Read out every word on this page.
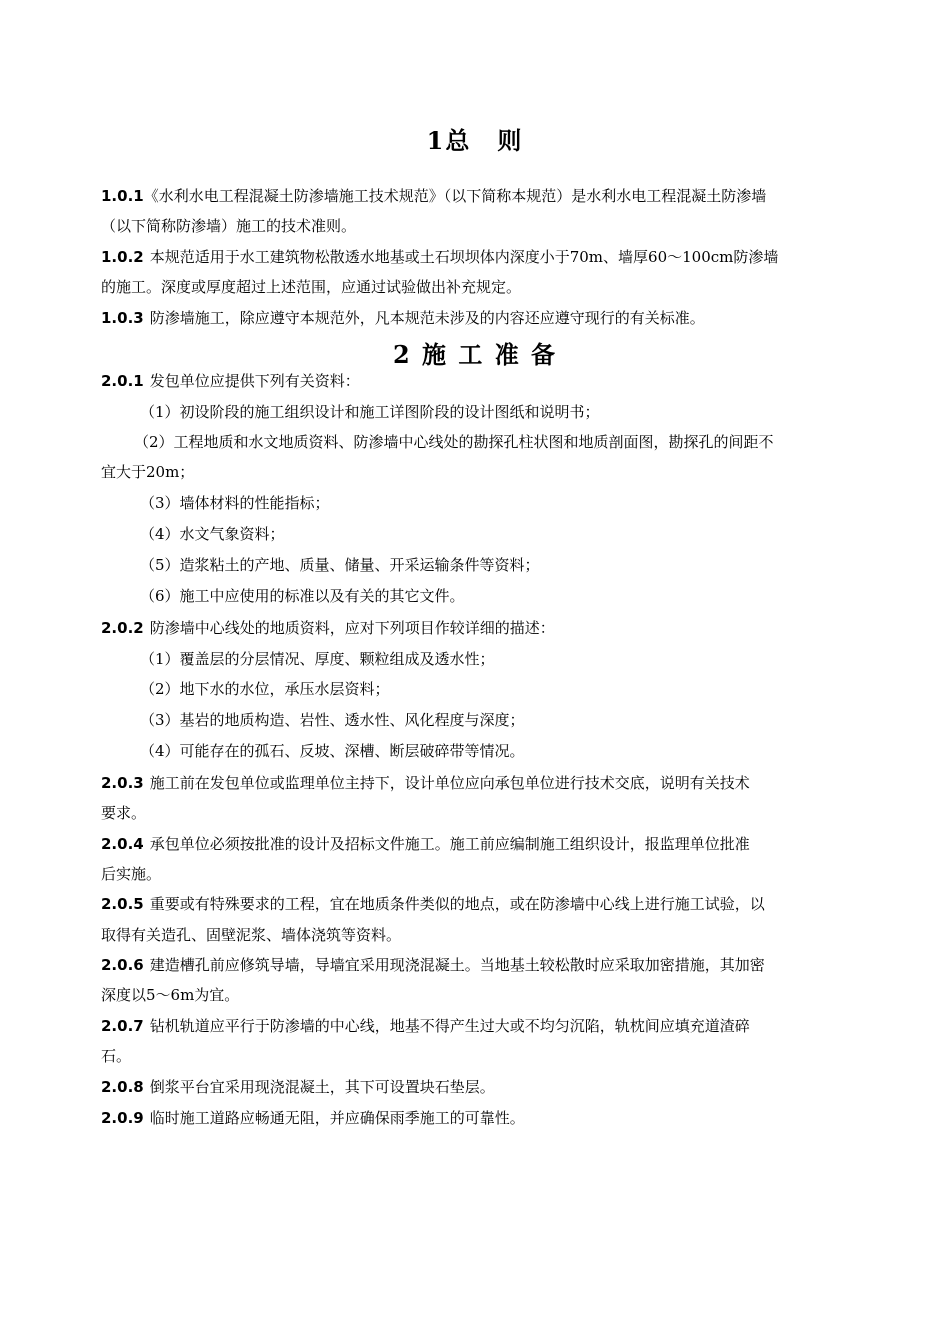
1总　则
1.0.1《水利水电工程混凝土防渗墙施工技术规范》（以下简称本规范）是水利水电工程混凝土防渗墙
（以下简称防渗墙）施工的技术准则。
1.0.2 本规范适用于水工建筑物松散透水地基或土石坝坝体内深度小于70m、墙厚60～100cm防渗墙
的施工。深度或厚度超过上述范围，应通过试验做出补充规定。
1.0.3 防渗墙施工，除应遵守本规范外，凡本规范未涉及的内容还应遵守现行的有关标准。
2 施 工 准 备
2.0.1 发包单位应提供下列有关资料：
（1）初设阶段的施工组织设计和施工详图阶段的设计图纸和说明书；
（2）工程地质和水文地质资料、防渗墙中心线处的勘探孔柱状图和地质剖面图，勘探孔的间距不
宜大于20m；
（3）墙体材料的性能指标；
（4）水文气象资料；
（5）造浆粘土的产地、质量、储量、开采运输条件等资料；
（6）施工中应使用的标准以及有关的其它文件。
2.0.2 防渗墙中心线处的地质资料，应对下列项目作较详细的描述：
（1）覆盖层的分层情况、厚度、颗粒组成及透水性；
（2）地下水的水位，承压水层资料；
（3）基岩的地质构造、岩性、透水性、风化程度与深度；
（4）可能存在的孤石、反坡、深槽、断层破碎带等情况。
2.0.3 施工前在发包单位或监理单位主持下，设计单位应向承包单位进行技术交底，说明有关技术
要求。
2.0.4 承包单位必须按批准的设计及招标文件施工。施工前应编制施工组织设计，报监理单位批准
后实施。
2.0.5 重要或有特殊要求的工程，宜在地质条件类似的地点，或在防渗墙中心线上进行施工试验，以
取得有关造孔、固壁泥浆、墙体浇筑等资料。
2.0.6 建造槽孔前应修筑导墙，导墙宜采用现浇混凝土。当地基土较松散时应采取加密措施，其加密
深度以5～6m为宜。
2.0.7 钻机轨道应平行于防渗墙的中心线，地基不得产生过大或不均匀沉陷，轨枕间应填充道渣碎
石。
2.0.8 倒浆平台宜采用现浇混凝土，其下可设置块石垫层。
2.0.9 临时施工道路应畅通无阻，并应确保雨季施工的可靠性。
